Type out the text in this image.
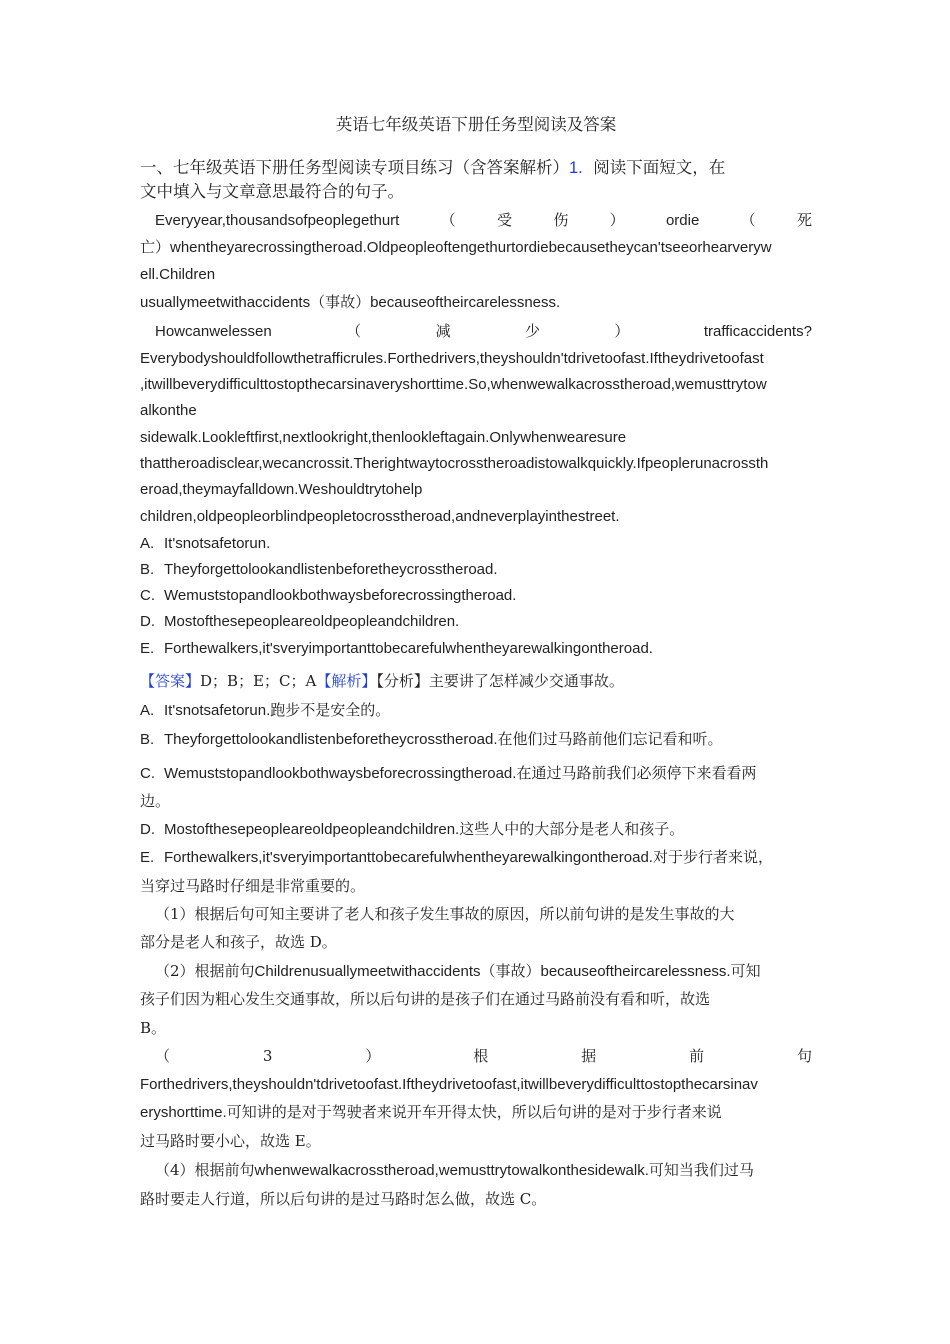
英语七年级英语下册任务型阅读及答案
一、七年级英语下册任务型阅读专项目练习（含答案解析）1. 阅读下面短文，在
文中填入与文章意思最符合的句子。
Everyyear,thousandsofpeoplegethurt	（	受	伤	）	ordie	（	死
亡）whentheyarecrossingtheroad.Oldpeopleoftengethurtordiebecausetheycan'tseeorhearveryw
ell.Children
usuallymeetwithaccidents（事故）becauseoftheircarelessness.
Howcanwelessen	（	减	少	）	trafficaccidents?
Everybodyshouldfollowthetrafficrules.Forthedrivers,theyshouldn'tdrivetoofast.Iftheydrivetoofast
,itwillbeverydifficulttostopthecarsinaveryshorttime.So,whenwewalkacrosstheroad,wemusttrytow
alkonthe
sidewalk.Lookleftfirst,nextlookright,thenlookleftagain.Onlywhenwearesure
thattheroadisclear,wecancrossit.Therightwaytocrosstheroadistowalkquickly.Ifpeoplerunacrossth
eroad,theymayfalldown.Weshouldtrytohelp
children,oldpeopleorblindpeopletocrosstheroad,andneverplayinthestreet.
A. It'snotsafetorun.
B. Theyforgettolookandlistenbeforetheycrosstheroad.
C. Wemuststopandlookbothwaysbeforecrossingtheroad.
D. Mostofthesepeopleareoldpeopleandchildren.
E. Forthewalkers,it'sveryimportanttobecarefulwhentheyarewalkingontheroad.
【答案】D；B；E；C；A【解析】【分析】主要讲了怎样减少交通事故。
A. It'snotsafetorun.跑步不是安全的。
B. Theyforgettolookandlistenbeforetheycrosstheroad.在他们过马路前他们忘记看和听。
C. Wemuststopandlookbothwaysbeforecrossingtheroad.在通过马路前我们必须停下来看看两
边。
D. Mostofthesepeopleareoldpeopleandchildren.这些人中的大部分是老人和孩子。
E. Forthewalkers,it'sveryimportanttobecarefulwhentheyarewalkingontheroad.对于步行者来说，
当穿过马路时仔细是非常重要的。
（1）根据后句可知主要讲了老人和孩子发生事故的原因，所以前句讲的是发生事故的大
部分是老人和孩子，故选 D。
（2）根据前句Childrenusuallymeetwithaccidents（事故）becauseoftheircarelessness.可知
孩子们因为粗心发生交通事故，所以后句讲的是孩子们在通过马路前没有看和听，故选
B。
（	3	）	根	据	前	句
Forthedrivers,theyshouldn'tdrivetoofast.Iftheydrivetoofast,itwillbeverydifficulttostopthecarsinav
eryshorttime.可知讲的是对于驾驶者来说开车开得太快，所以后句讲的是对于步行者来说
过马路时要小心，故选 E。
（4）根据前句whenwewalkacrosstheroad,wemusttrytowalkonthesidewalk.可知当我们过马
路时要走人行道，所以后句讲的是过马路时怎么做，故选 C。
